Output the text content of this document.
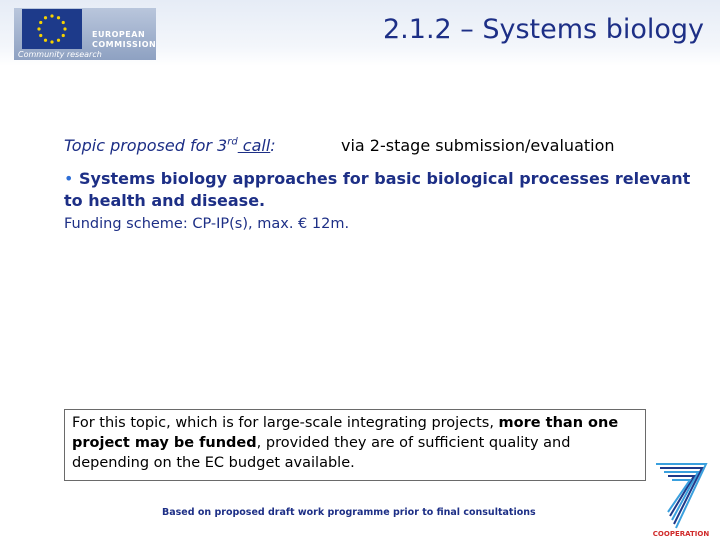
EUROPEAN
COMMISSION
Community research
2.1.2 – Systems biology
Topic proposed for 3rd call:	via 2-stage submission/evaluation
• Systems biology approaches for basic biological processes relevant to health and disease.
Funding scheme: CP-IP(s), max. € 12m.
For this topic, which is for large-scale integrating projects, more than one project may be funded, provided they are of sufficient quality and depending on the EC budget available.
Based on proposed draft work programme prior to final consultations
COOPERATION
